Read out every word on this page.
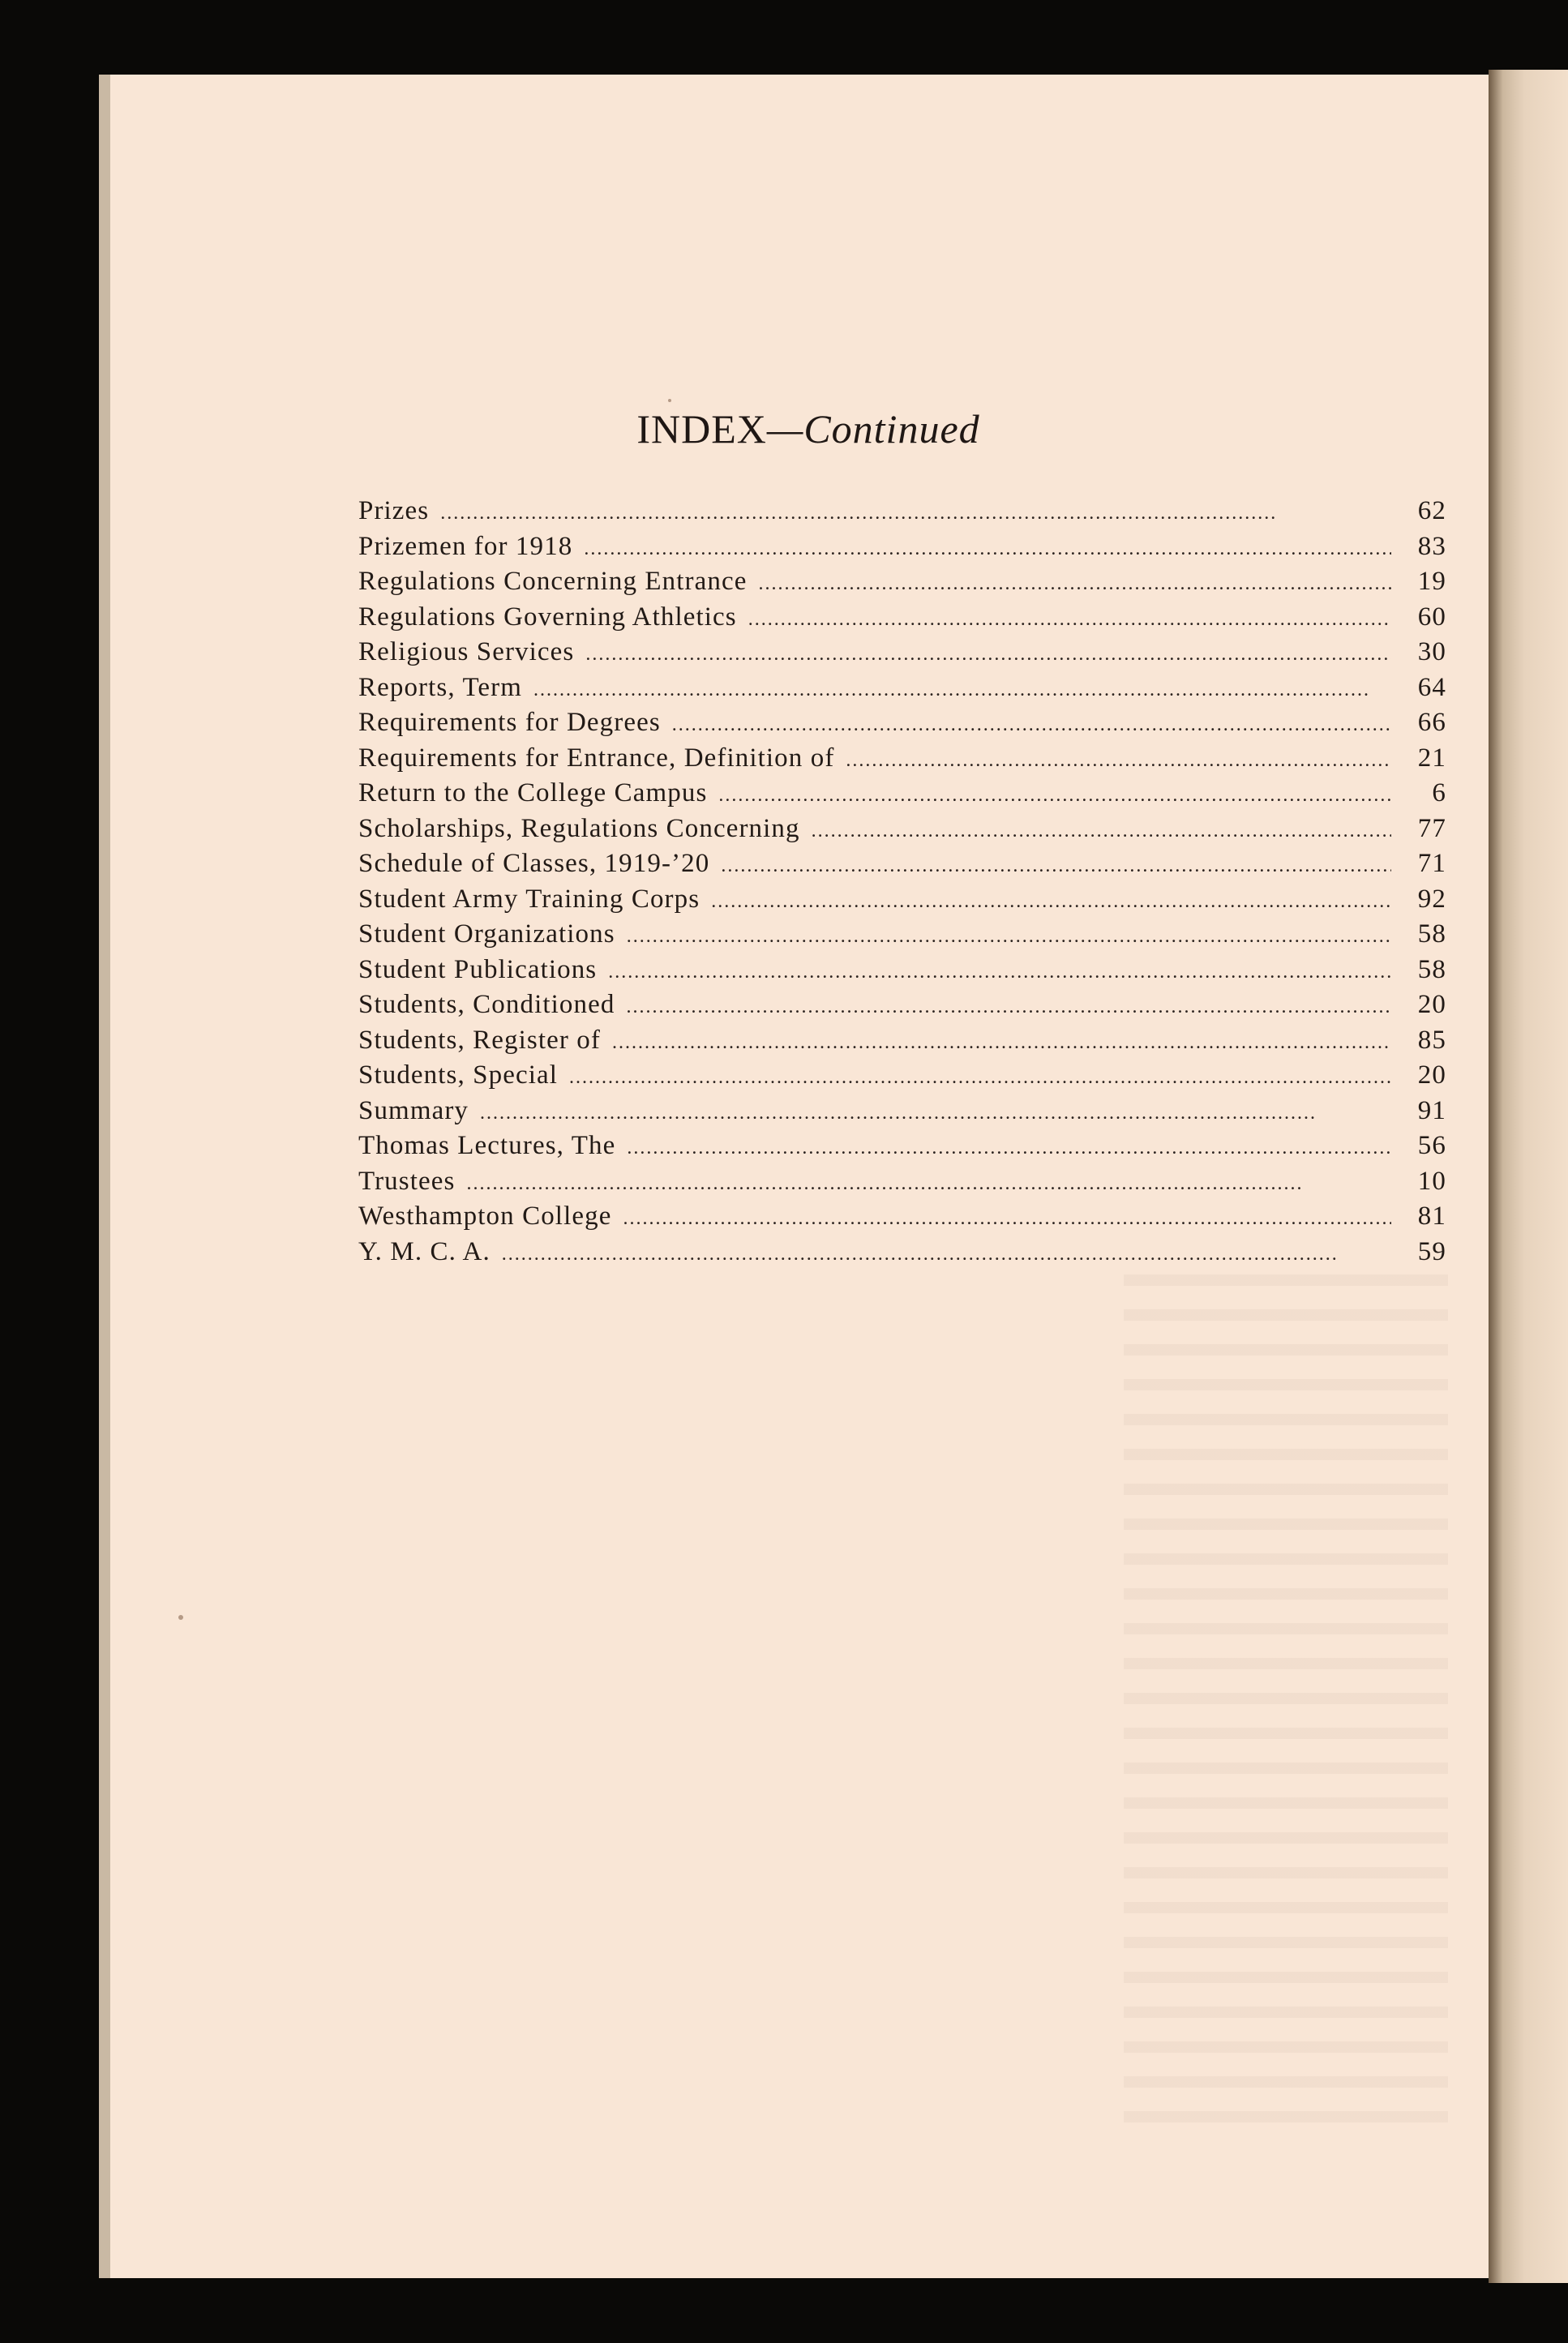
INDEX—Continued
Prizes . . .	62
Prizemen for 1918 . . .	83
Regulations Concerning Entrance . . .	19
Regulations Governing Athletics . . .	60
Religious Services . . .	30
Reports, Term . . .	64
Requirements for Degrees . . .	66
Requirements for Entrance, Definition of . . .	21
Return to the College Campus . . .	6
Scholarships, Regulations Concerning . . .	77
Schedule of Classes, 1919-’20 . . .	71
Student Army Training Corps . . .	92
Student Organizations . . .	58
Student Publications . . .	58
Students, Conditioned . . .	20
Students, Register of . . .	85
Students, Special . . .	20
Summary . . .	91
Thomas Lectures, The . . .	56
Trustees . . .	10
Westhampton College . . .	81
Y. M. C. A. . . .	59
